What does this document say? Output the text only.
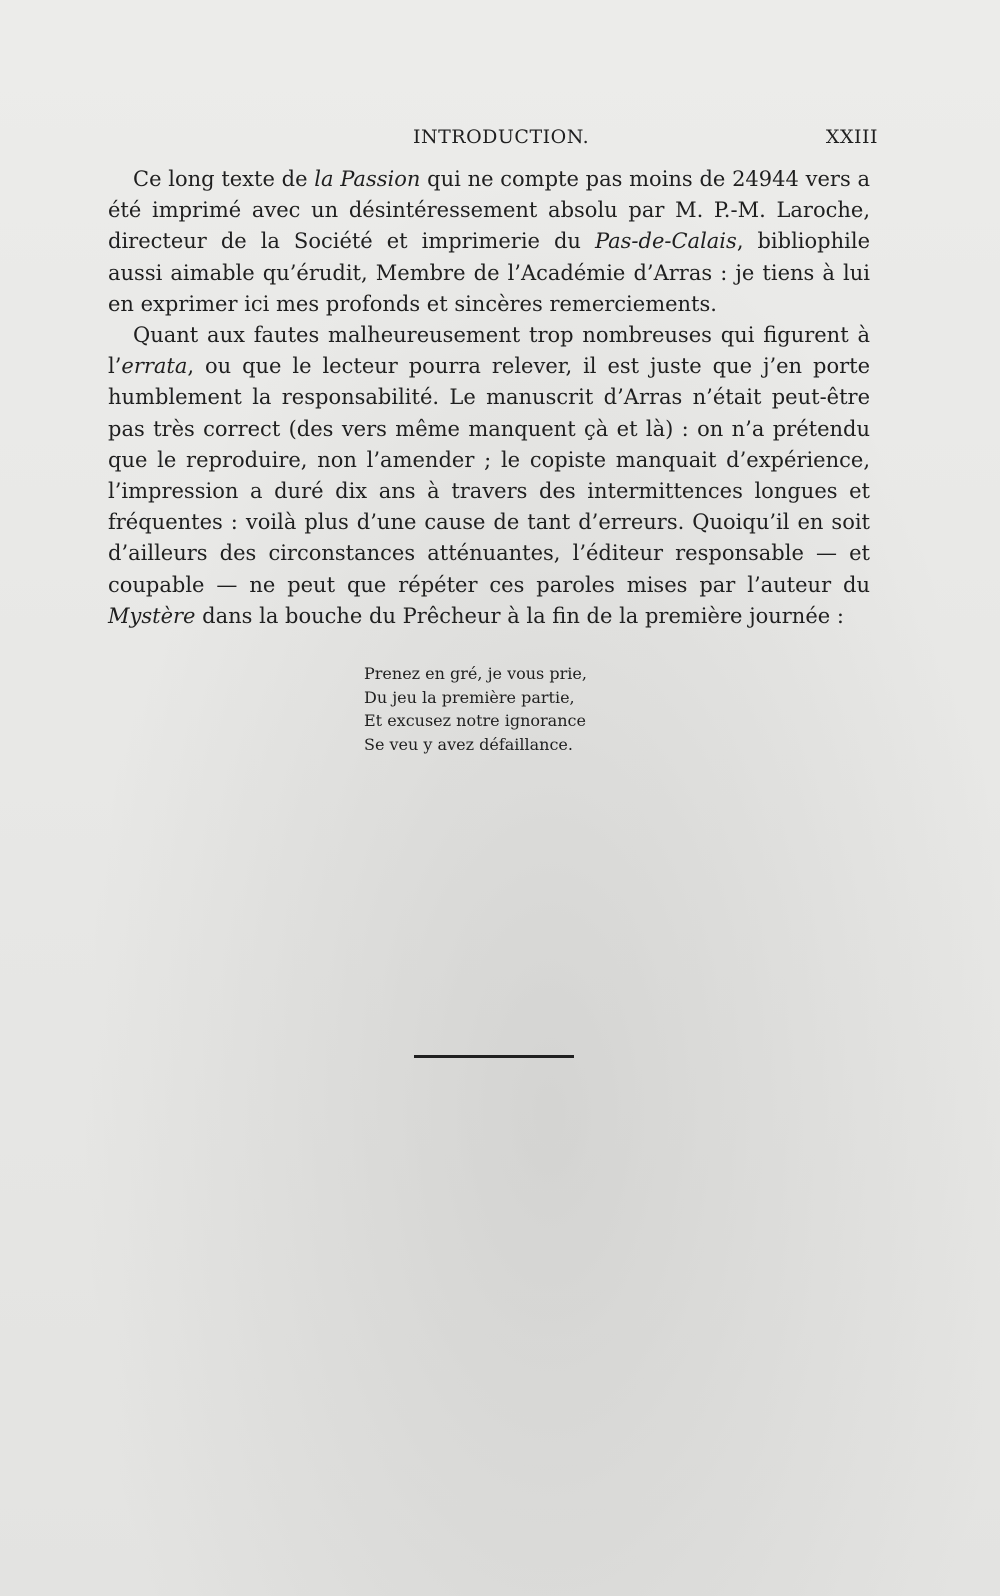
INTRODUCTION.	XXIII

Ce long texte de la Passion qui ne compte pas moins de 24944 vers a été imprimé avec un désintéressement absolu par M. P.-M. Laroche, directeur de la Société et imprimerie du Pas-de-Calais, bibliophile aussi aimable qu’érudit, Membre de l’Académie d’Arras : je tiens à lui en exprimer ici mes profonds et sincères remerciements.

Quant aux fautes malheureusement trop nombreuses qui figurent à l’errata, ou que le lecteur pourra relever, il est juste que j’en porte humblement la responsabilité. Le manuscrit d’Arras n’était peut-être pas très correct (des vers même manquent çà et là) : on n’a prétendu que le reproduire, non l’amender ; le copiste manquait d’expérience, l’impression a duré dix ans à travers des intermittences longues et fréquentes : voilà plus d’une cause de tant d’erreurs. Quoiqu’il en soit d’ailleurs des circonstances atténuantes, l’éditeur responsable — et coupable — ne peut que répéter ces paroles mises par l’auteur du Mystère dans la bouche du Prêcheur à la fin de la première journée :

Prenez en gré, je vous prie,
Du jeu la première partie,
Et excusez notre ignorance
Se veu y avez défaillance.
